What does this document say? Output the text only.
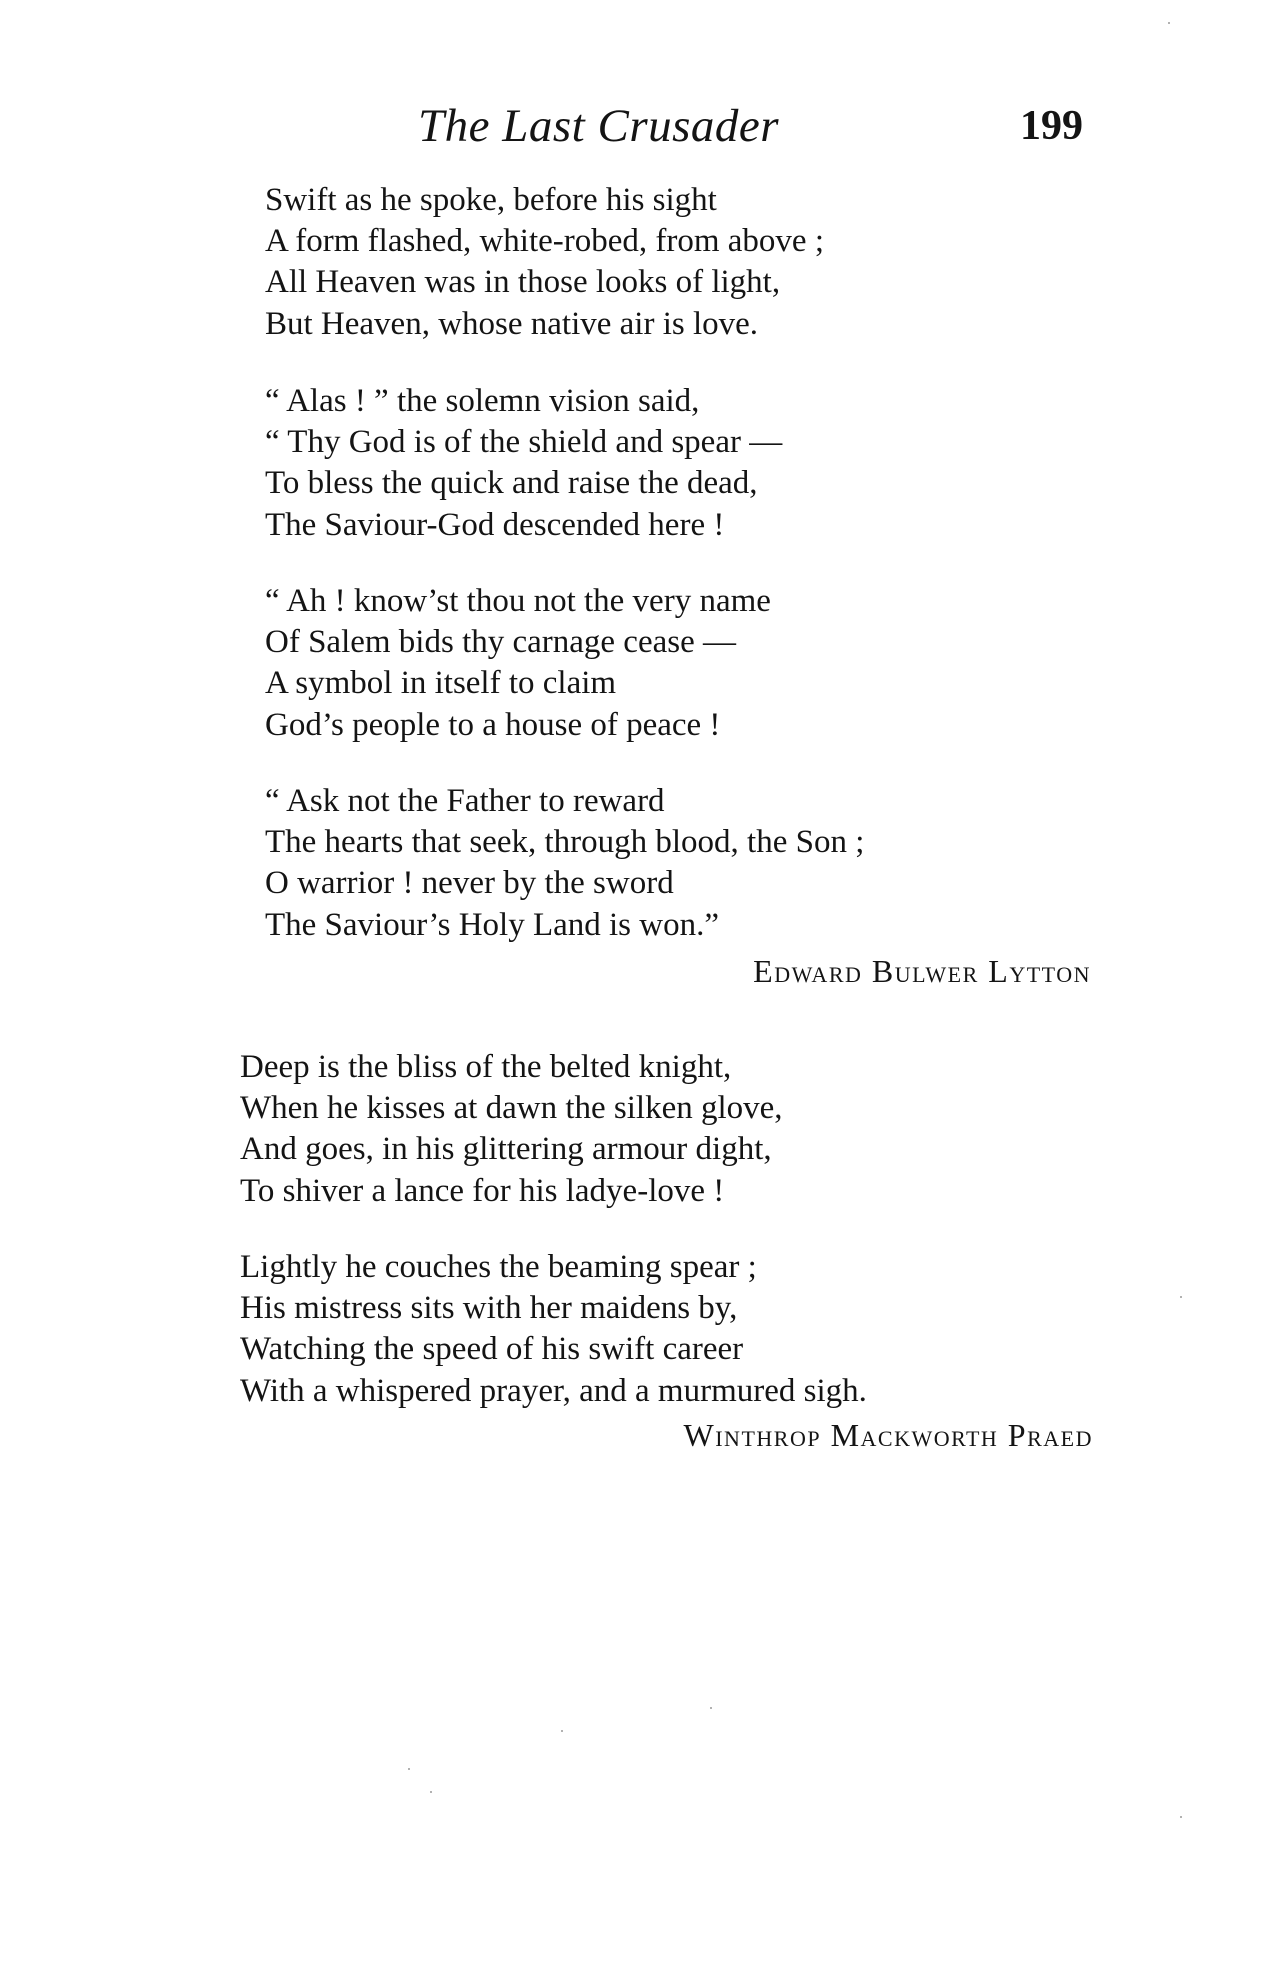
The Last Crusader	199
Swift as he spoke, before his sight
A form flashed, white-robed, from above ;
All Heaven was in those looks of light,
But Heaven, whose native air is love.
“ Alas ! ” the solemn vision said,
“ Thy God is of the shield and spear —
To bless the quick and raise the dead,
The Saviour-God descended here !
“ Ah ! know’st thou not the very name
Of Salem bids thy carnage cease —
A symbol in itself to claim
God’s people to a house of peace !
“ Ask not the Father to reward
The hearts that seek, through blood, the Son ;
O warrior ! never by the sword
The Saviour’s Holy Land is won.”
Edward Bulwer Lytton
Deep is the bliss of the belted knight,
When he kisses at dawn the silken glove,
And goes, in his glittering armour dight,
To shiver a lance for his ladye-love !
Lightly he couches the beaming spear ;
His mistress sits with her maidens by,
Watching the speed of his swift career
With a whispered prayer, and a murmured sigh.
Winthrop Mackworth Praed
